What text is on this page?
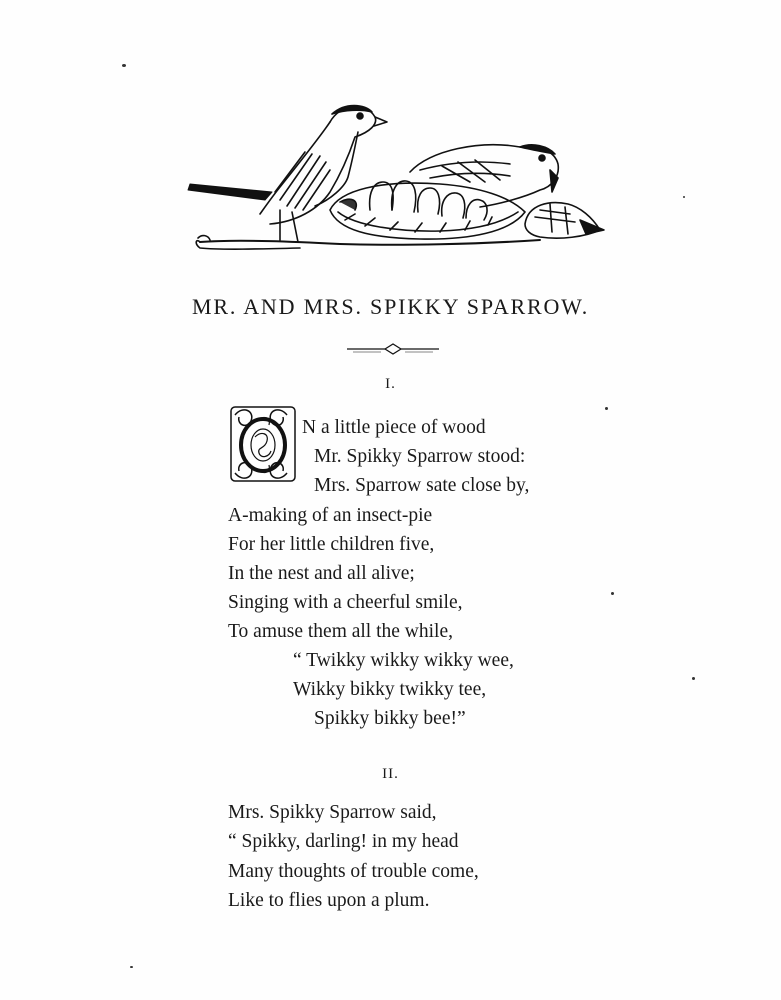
MR. AND MRS. SPIKKY SPARROW.
I.
N a little piece of wood
Mr. Spikky Sparrow stood:
Mrs. Sparrow sate close by,
A-making of an insect-pie
For her little children five,
In the nest and all alive;
Singing with a cheerful smile,
To amuse them all the while,
“ Twikky wikky wikky wee,
Wikky bikky twikky tee,
Spikky bikky bee!”
II.
Mrs. Spikky Sparrow said,
“ Spikky, darling! in my head
Many thoughts of trouble come,
Like to flies upon a plum.
